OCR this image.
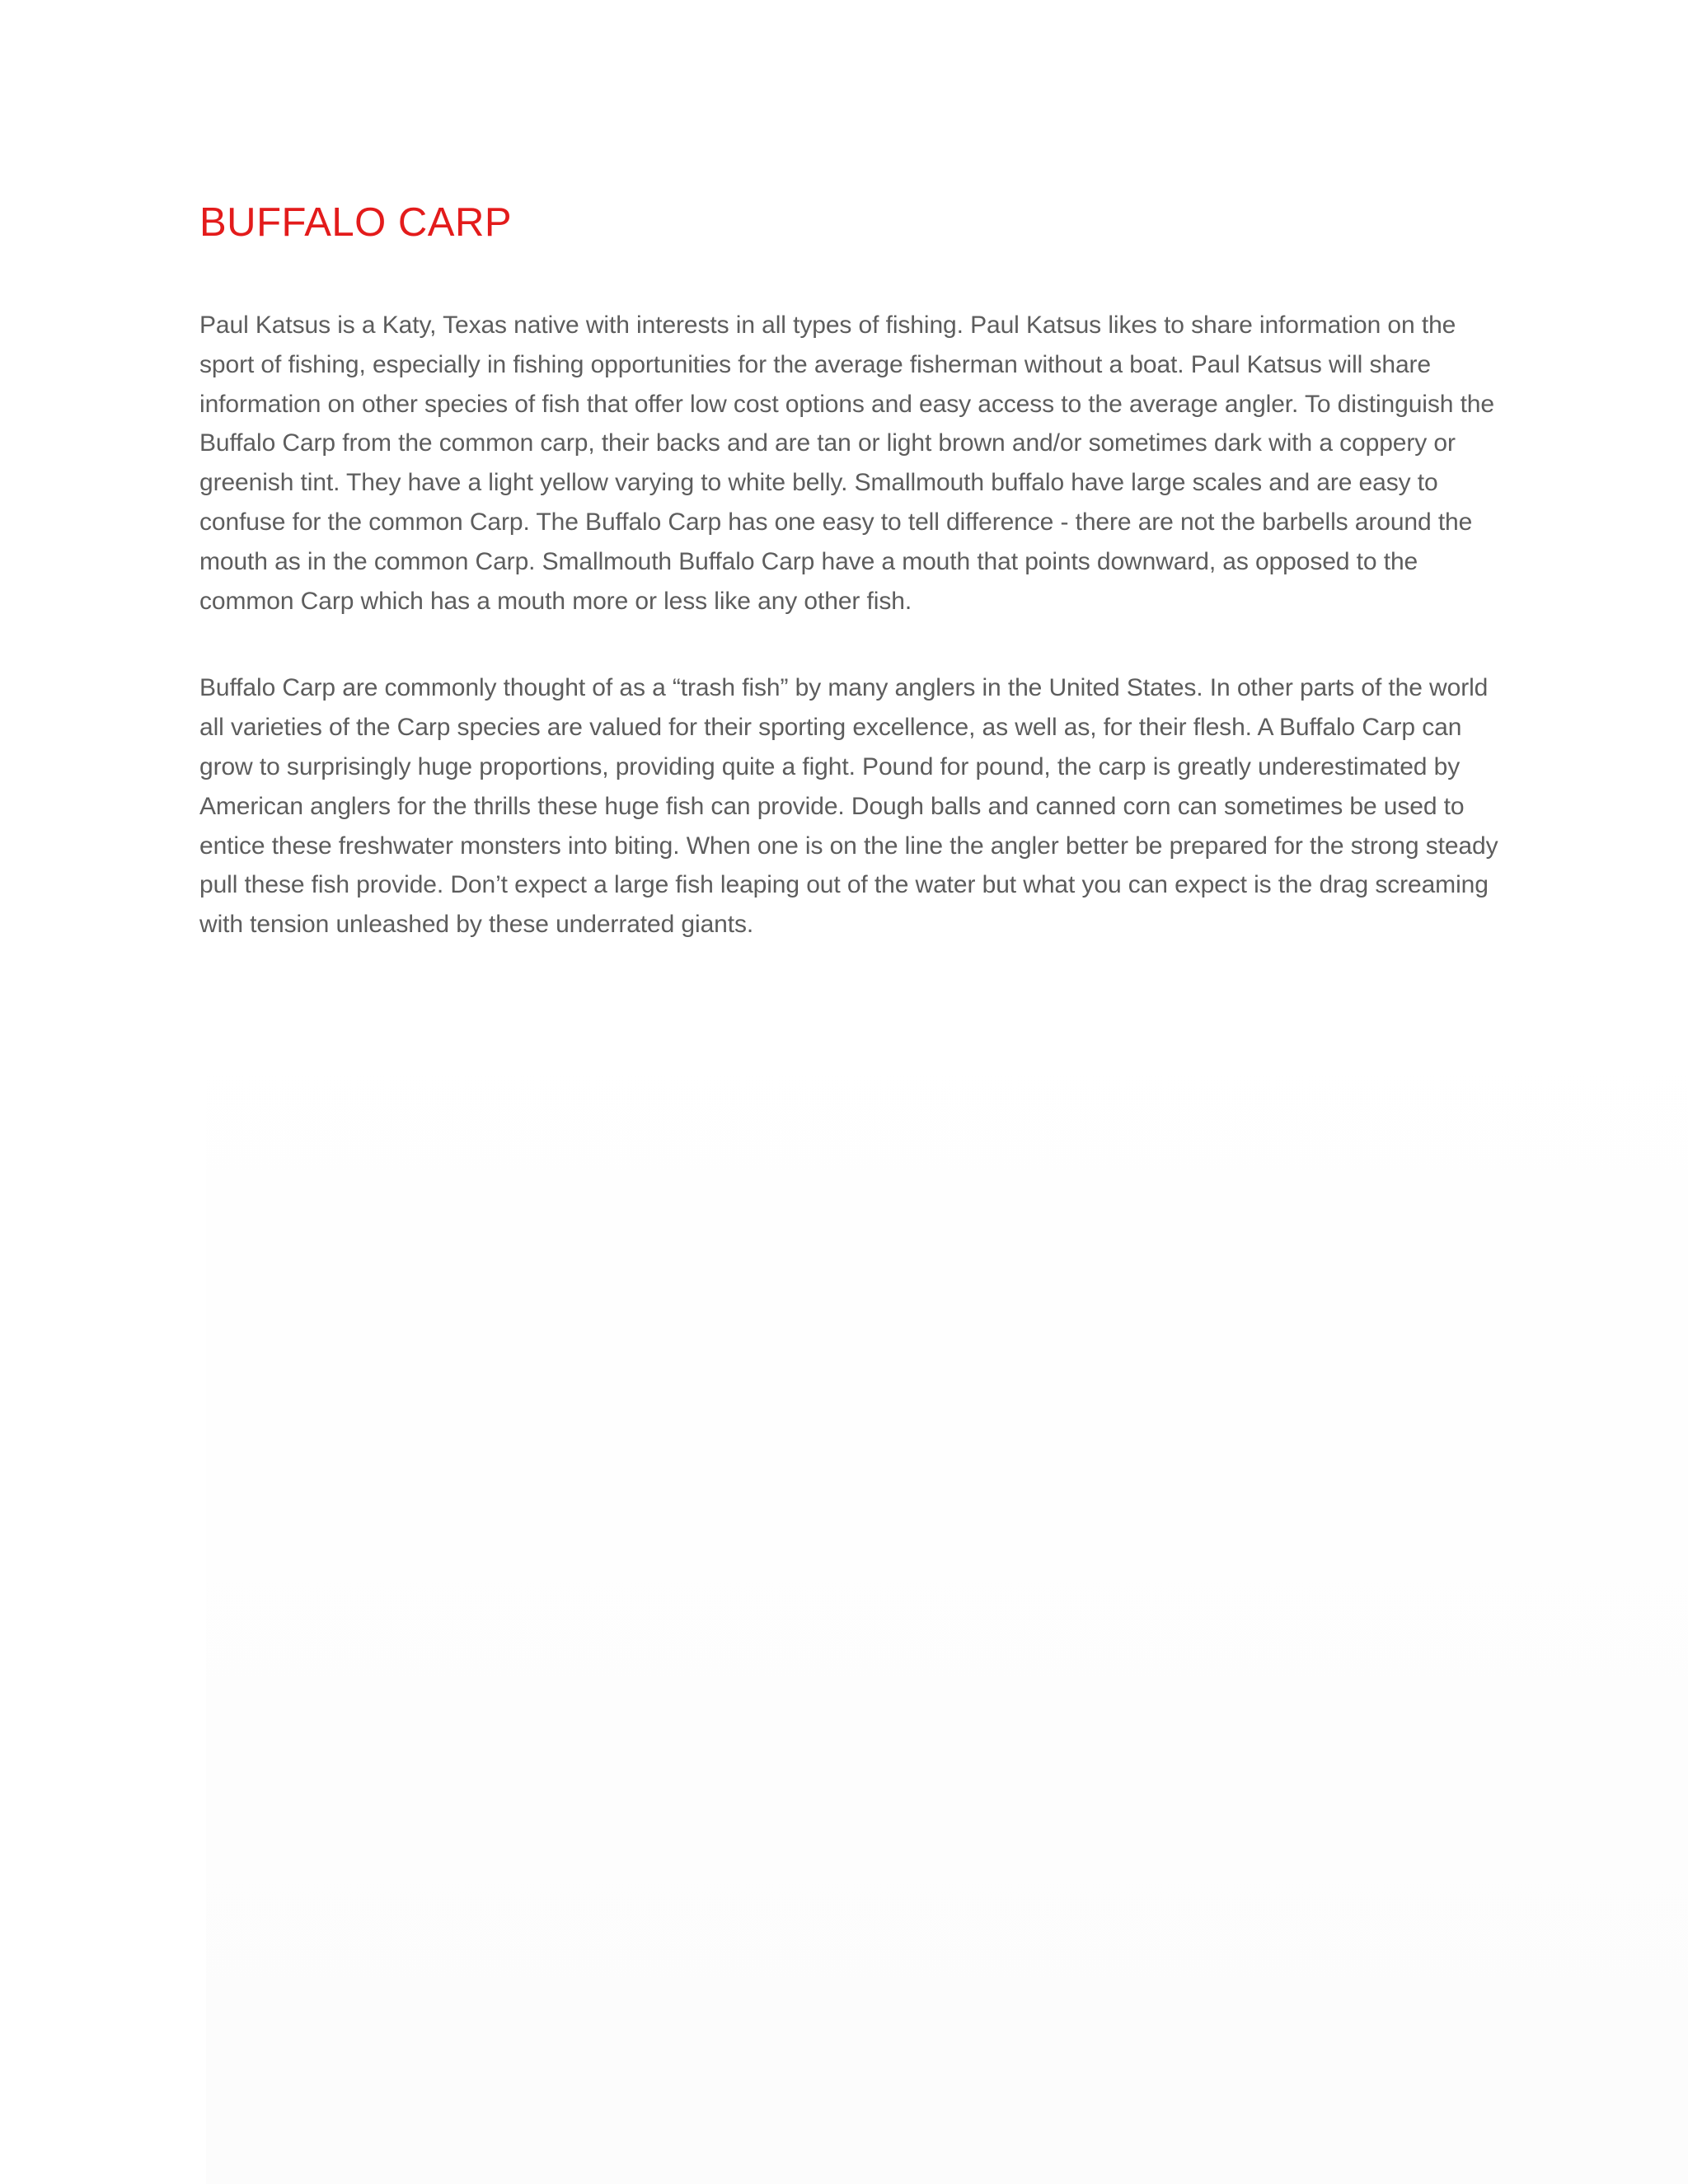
BUFFALO CARP

Paul Katsus is a Katy, Texas native with interests in all types of fishing. Paul Katsus likes to share information on the sport of fishing, especially in fishing opportunities for the average fisherman without a boat. Paul Katsus will share information on other species of fish that offer low cost options and easy access to the average angler. To distinguish the Buffalo Carp from the common carp, their backs and are tan or light brown and/or sometimes dark with a coppery or greenish tint. They have a light yellow varying to white belly. Smallmouth buffalo have large scales and are easy to confuse for the common Carp. The Buffalo Carp has one easy to tell difference - there are not the barbells around the mouth as in the common Carp. Smallmouth Buffalo Carp have a mouth that points downward, as opposed to the common Carp which has a mouth more or less like any other fish.

Buffalo Carp are commonly thought of as a “trash fish” by many anglers in the United States. In other parts of the world all varieties of the Carp species are valued for their sporting excellence, as well as, for their flesh. A Buffalo Carp can grow to surprisingly huge proportions, providing quite a fight. Pound for pound, the carp is greatly underestimated by American anglers for the thrills these huge fish can provide. Dough balls and canned corn can sometimes be used to entice these freshwater monsters into biting. When one is on the line the angler better be prepared for the strong steady pull these fish provide. Don’t expect a large fish leaping out of the water but what you can expect is the drag screaming with tension unleashed by these underrated giants.
